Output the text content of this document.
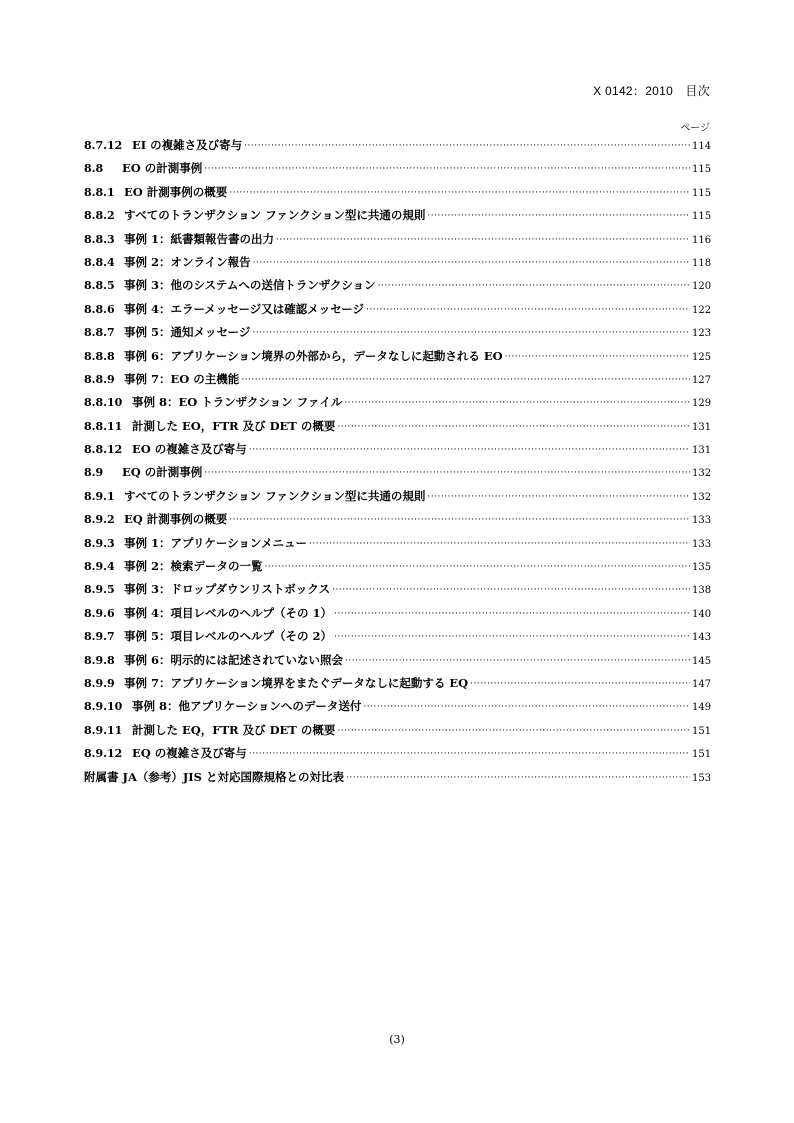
X 0142：2010　目次
ページ
8.7.12 EI の複雑さ及び寄与 ·····	114
8.8	EO の計測事例 ·····	115
8.8.1 EO 計測事例の概要 ·····	115
8.8.2 すべてのトランザクション ファンクション型に共通の規則 ·····	115
8.8.3 事例 1：紙書類報告書の出力 ·····	116
8.8.4 事例 2：オンライン報告 ·····	118
8.8.5 事例 3：他のシステムへの送信トランザクション ·····	120
8.8.6 事例 4：エラーメッセージ又は確認メッセージ ·····	122
8.8.7 事例 5：通知メッセージ ·····	123
8.8.8 事例 6：アプリケーション境界の外部から，データなしに起動される EO ·····	125
8.8.9 事例 7：EO の主機能 ·····	127
8.8.10 事例 8：EO トランザクション ファイル ·····	129
8.8.11 計測した EO，FTR 及び DET の概要 ·····	131
8.8.12 EO の複雑さ及び寄与 ·····	131
8.9	EQ の計測事例 ·····	132
8.9.1 すべてのトランザクション ファンクション型に共通の規則 ·····	132
8.9.2 EQ 計測事例の概要 ·····	133
8.9.3 事例 1：アプリケーションメニュー ·····	133
8.9.4 事例 2：検索データの一覧 ·····	135
8.9.5 事例 3：ドロップダウンリストボックス ·····	138
8.9.6 事例 4：項目レベルのヘルプ（その 1） ·····	140
8.9.7 事例 5：項目レベルのヘルプ（その 2） ·····	143
8.9.8 事例 6：明示的には記述されていない照会 ·····	145
8.9.9 事例 7：アプリケーション境界をまたぐデータなしに起動する EQ ·····	147
8.9.10 事例 8：他アプリケーションへのデータ送付 ·····	149
8.9.11 計測した EQ，FTR 及び DET の概要 ·····	151
8.9.12 EQ の複雑さ及び寄与 ·····	151
附属書 JA（参考）JIS と対応国際規格との対比表 ·····	153
(3)
